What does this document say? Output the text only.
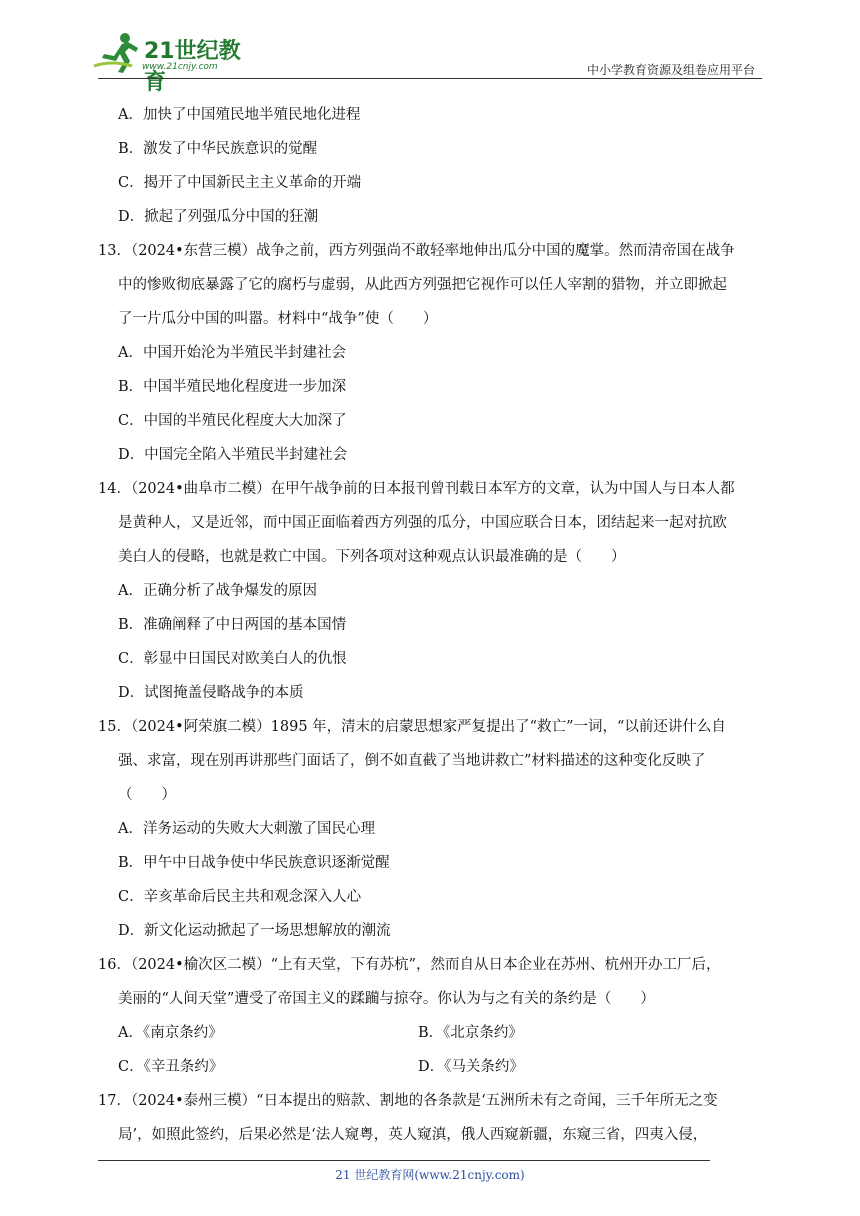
21世纪教育
www.21cnjy.com	中小学教育资源及组卷应用平台
A．加快了中国殖民地半殖民地化进程
B．激发了中华民族意识的觉醒
C．揭开了中国新民主主义革命的开端
D．掀起了列强瓜分中国的狂潮
13．（2024•东营三模）战争之前，西方列强尚不敢轻率地伸出瓜分中国的魔掌。然而清帝国在战争
中的惨败彻底暴露了它的腐朽与虚弱，从此西方列强把它视作可以任人宰割的猎物，并立即掀起
了一片瓜分中国的叫嚣。材料中“战争”使（　　）
A．中国开始沦为半殖民半封建社会
B．中国半殖民地化程度进一步加深
C．中国的半殖民化程度大大加深了
D．中国完全陷入半殖民半封建社会
14．（2024•曲阜市二模）在甲午战争前的日本报刊曾刊载日本军方的文章，认为中国人与日本人都
是黄种人，又是近邻，而中国正面临着西方列强的瓜分，中国应联合日本，团结起来一起对抗欧
美白人的侵略，也就是救亡中国。下列各项对这种观点认识最准确的是（　　）
A．正确分析了战争爆发的原因
B．准确阐释了中日两国的基本国情
C．彰显中日国民对欧美白人的仇恨
D．试图掩盖侵略战争的本质
15．（2024•阿荣旗二模）1895 年，清末的启蒙思想家严复提出了“救亡”一词，“以前还讲什么自
强、求富，现在别再讲那些门面话了，倒不如直截了当地讲救亡”材料描述的这种变化反映了
（　　）
A．洋务运动的失败大大刺激了国民心理
B．甲午中日战争使中华民族意识逐渐觉醒
C．辛亥革命后民主共和观念深入人心
D．新文化运动掀起了一场思想解放的潮流
16．（2024•榆次区二模）“上有天堂，下有苏杭”，然而自从日本企业在苏州、杭州开办工厂后，
美丽的“人间天堂”遭受了帝国主义的蹂躏与掠夺。你认为与之有关的条约是（　　）
17．（2024•泰州三模）“日本提出的赔款、割地的各条款是‘五洲所未有之奇闻，三千年所无之变
局’，如照此签约，后果必然是‘法人窥粤，英人窥滇，俄人西窥新疆，东窥三省，四夷入侵，
A．《南京条约》	B．《北京条约》
C．《辛丑条约》	D．《马关条约》
21 世纪教育网(www.21cnjy.com)
